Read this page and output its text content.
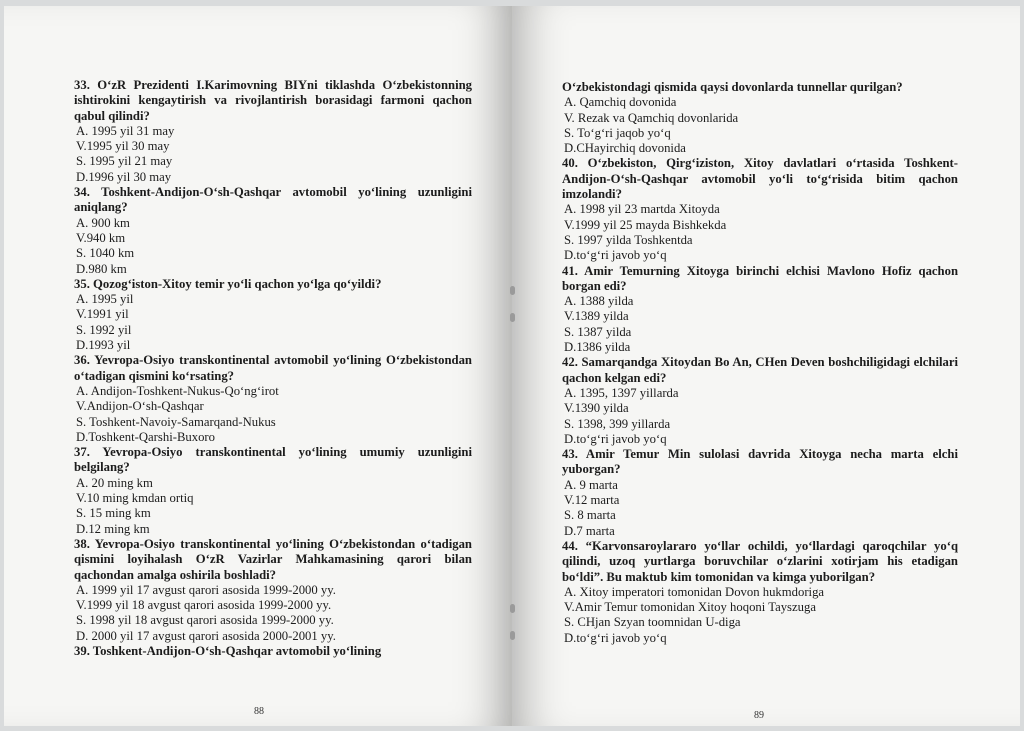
33. O‘zR Prezidenti I.Karimovning BIYni tiklashda O‘zbekistonning ishtirokini kengaytirish va rivojlantirish borasidagi farmoni qachon qabul qilindi?

A. 1995 yil 31 may

V.1995 yil 30 may

S. 1995 yil 21 may

D.1996 yil 30 may

34. Toshkent-Andijon-O‘sh-Qashqar avtomobil yo‘lining uzunligini aniqlang?

A. 900 km

V.940 km

S. 1040 km

D.980 km

35. Qozog‘iston-Xitoy temir yo‘li qachon yo‘lga qo‘yildi?

A. 1995 yil

V.1991 yil

S. 1992 yil

D.1993 yil

36. Yevropa-Osiyo transkontinental avtomobil yo‘lining O‘zbekistondan o‘tadigan qismini ko‘rsating?

A. Andijon-Toshkent-Nukus-Qo‘ng‘irot

V.Andijon-O‘sh-Qashqar

S. Toshkent-Navoiy-Samarqand-Nukus

D.Toshkent-Qarshi-Buxoro

37. Yevropa-Osiyo transkontinental yo‘lining umumiy uzunligini belgilang?

A. 20 ming km

V.10 ming kmdan ortiq

S. 15 ming km

D.12 ming km

38. Yevropa-Osiyo transkontinental yo‘lining O‘zbekistondan o‘tadigan qismini loyihalash O‘zR Vazirlar Mahkamasining qarori bilan qachondan amalga oshirila boshladi?

A. 1999 yil 17 avgust qarori asosida 1999-2000 yy.

V.1999 yil 18 avgust qarori asosida 1999-2000 yy.

S. 1998 yil 18 avgust qarori asosida 1999-2000 yy.

D. 2000 yil 17 avgust qarori asosida 2000-2001 yy.

39. Toshkent-Andijon-O‘sh-Qashqar avtomobil yo‘lining

88

O‘zbekistondagi qismida qaysi dovonlarda tunnellar qurilgan?

A. Qamchiq dovonida

V. Rezak va Qamchiq dovonlarida

S. To‘g‘ri jaqob yo‘q

D.CHayirchiq dovonida

40. O‘zbekiston, Qirg‘iziston, Xitoy davlatlari o‘rtasida Toshkent-Andijon-O‘sh-Qashqar avtomobil yo‘li to‘g‘risida bitim qachon imzolandi?

A. 1998 yil 23 martda Xitoyda

V.1999 yil 25 mayda Bishkekda

S. 1997 yilda Toshkentda

D.to‘g‘ri javob yo‘q

41. Amir Temurning Xitoyga birinchi elchisi Mavlono Hofiz qachon borgan edi?

A. 1388 yilda

V.1389 yilda

S. 1387 yilda

D.1386 yilda

42. Samarqandga Xitoydan Bo An, CHen Deven boshchiligidagi elchilari qachon kelgan edi?

A. 1395, 1397 yillarda

V.1390 yilda

S. 1398, 399 yillarda

D.to‘g‘ri javob yo‘q

43. Amir Temur Min sulolasi davrida Xitoyga necha marta elchi yuborgan?

A. 9 marta

V.12 marta

S. 8 marta

D.7 marta

44. “Karvonsaroylararo yo‘llar ochildi, yo‘llardagi qaroqchilar yo‘q qilindi, uzoq yurtlarga boruvchilar o‘zlarini xotirjam his etadigan bo‘ldi”. Bu maktub kim tomonidan va kimga yuborilgan?

A. Xitoy imperatori tomonidan Dovon hukmdoriga

V.Amir Temur tomonidan Xitoy hoqoni Tayszuga

S. CHjan Szyan toomnidan U-diga

D.to‘g‘ri javob yo‘q

89
